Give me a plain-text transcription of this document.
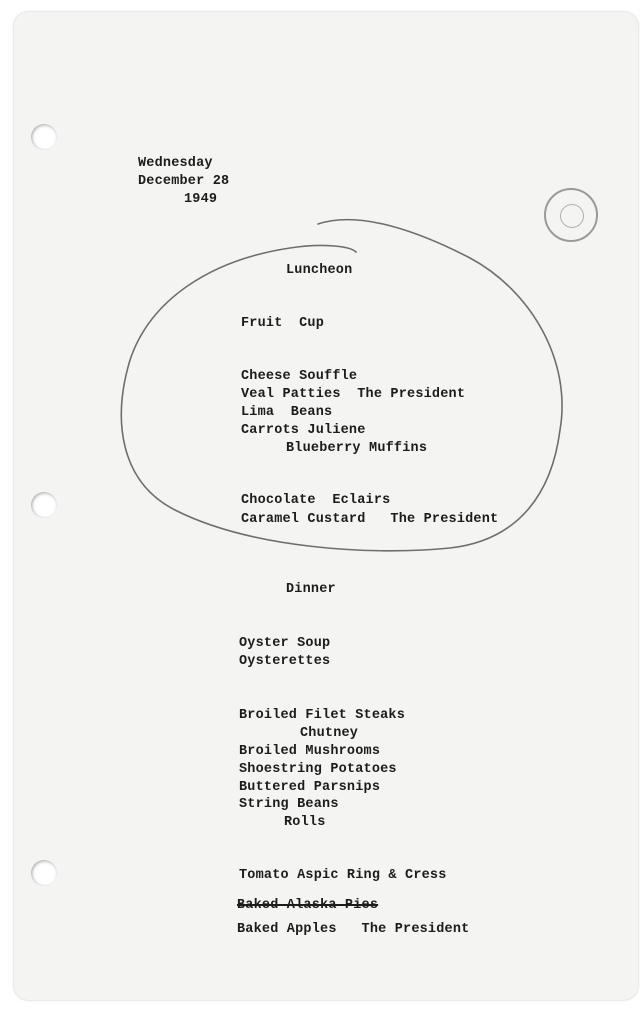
Wednesday
December 28
1949
Luncheon
Fruit  Cup
Cheese Souffle
Veal Patties  The President
Lima  Beans
Carrots Juliene
Blueberry Muffins
Chocolate  Eclairs
Caramel Custard   The President
Dinner
Oyster Soup
Oysterettes
Broiled Filet Steaks
Chutney
Broiled Mushrooms
Shoestring Potatoes
Buttered Parsnips
String Beans
Rolls
Tomato Aspic Ring & Cress
Baked Alaska Pies
Baked Apples   The President
